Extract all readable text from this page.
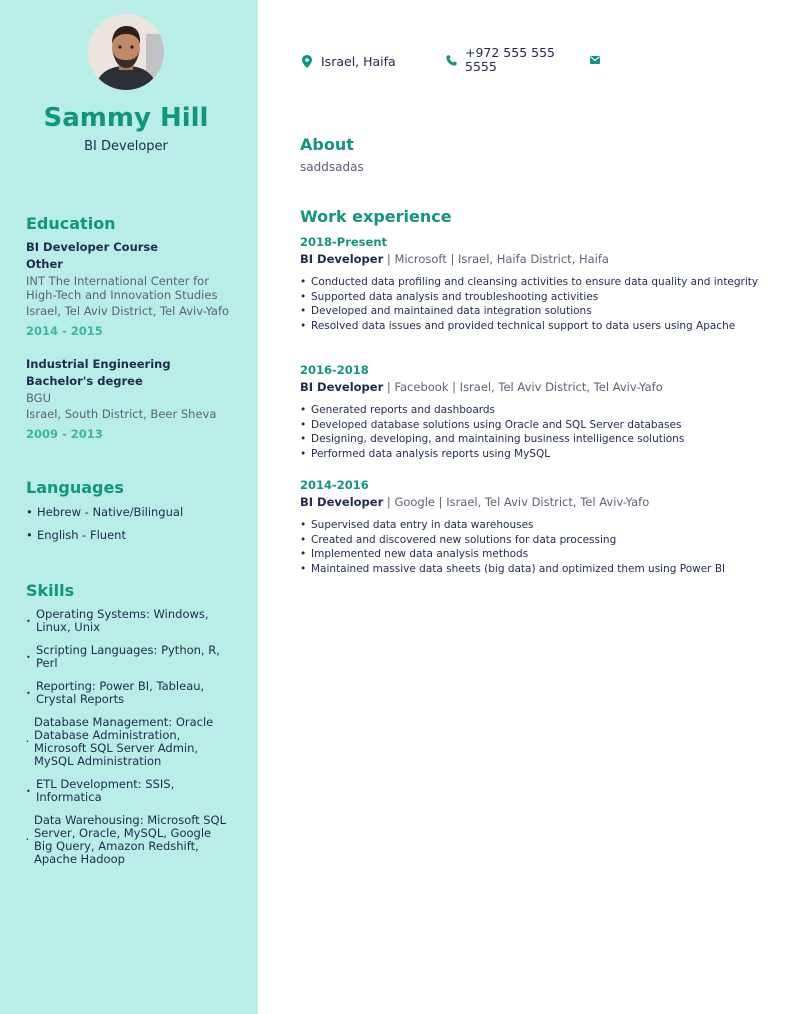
Sammy Hill
BI Developer
Education
BI Developer Course
Other
INT The International Center for High-Tech and Innovation Studies
Israel, Tel Aviv District, Tel Aviv-Yafo
2014 - 2015
Industrial Engineering
Bachelor's degree
BGU
Israel, South District, Beer Sheva
2009 - 2013
Languages
• Hebrew - Native/Bilingual
• English - Fluent
Skills
• Operating Systems: Windows, Linux, Unix
• Scripting Languages: Python, R, Perl
• Reporting: Power BI, Tableau, Crystal Reports
•
Database Management: Oracle Database Administration, Microsoft SQL Server Admin, MySQL Administration
• ETL Development: SSIS, Informatica
•
Data Warehousing: Microsoft SQL Server, Oracle, MySQL, Google Big Query, Amazon Redshift, Apache Hadoop
Israel, Haifa
+972 555 555 5555
About
saddsadas
Work experience
2018-Present
BI Developer | Microsoft | Israel, Haifa District, Haifa
• Conducted data profiling and cleansing activities to ensure data quality and integrity
• Supported data analysis and troubleshooting activities
• Developed and maintained data integration solutions
• Resolved data issues and provided technical support to data users using Apache
2016-2018
BI Developer | Facebook | Israel, Tel Aviv District, Tel Aviv-Yafo
• Generated reports and dashboards
• Developed database solutions using Oracle and SQL Server databases
• Designing, developing, and maintaining business intelligence solutions
• Performed data analysis reports using MySQL
2014-2016
BI Developer | Google | Israel, Tel Aviv District, Tel Aviv-Yafo
• Supervised data entry in data warehouses
• Created and discovered new solutions for data processing
• Implemented new data analysis methods
• Maintained massive data sheets (big data) and optimized them using Power BI
